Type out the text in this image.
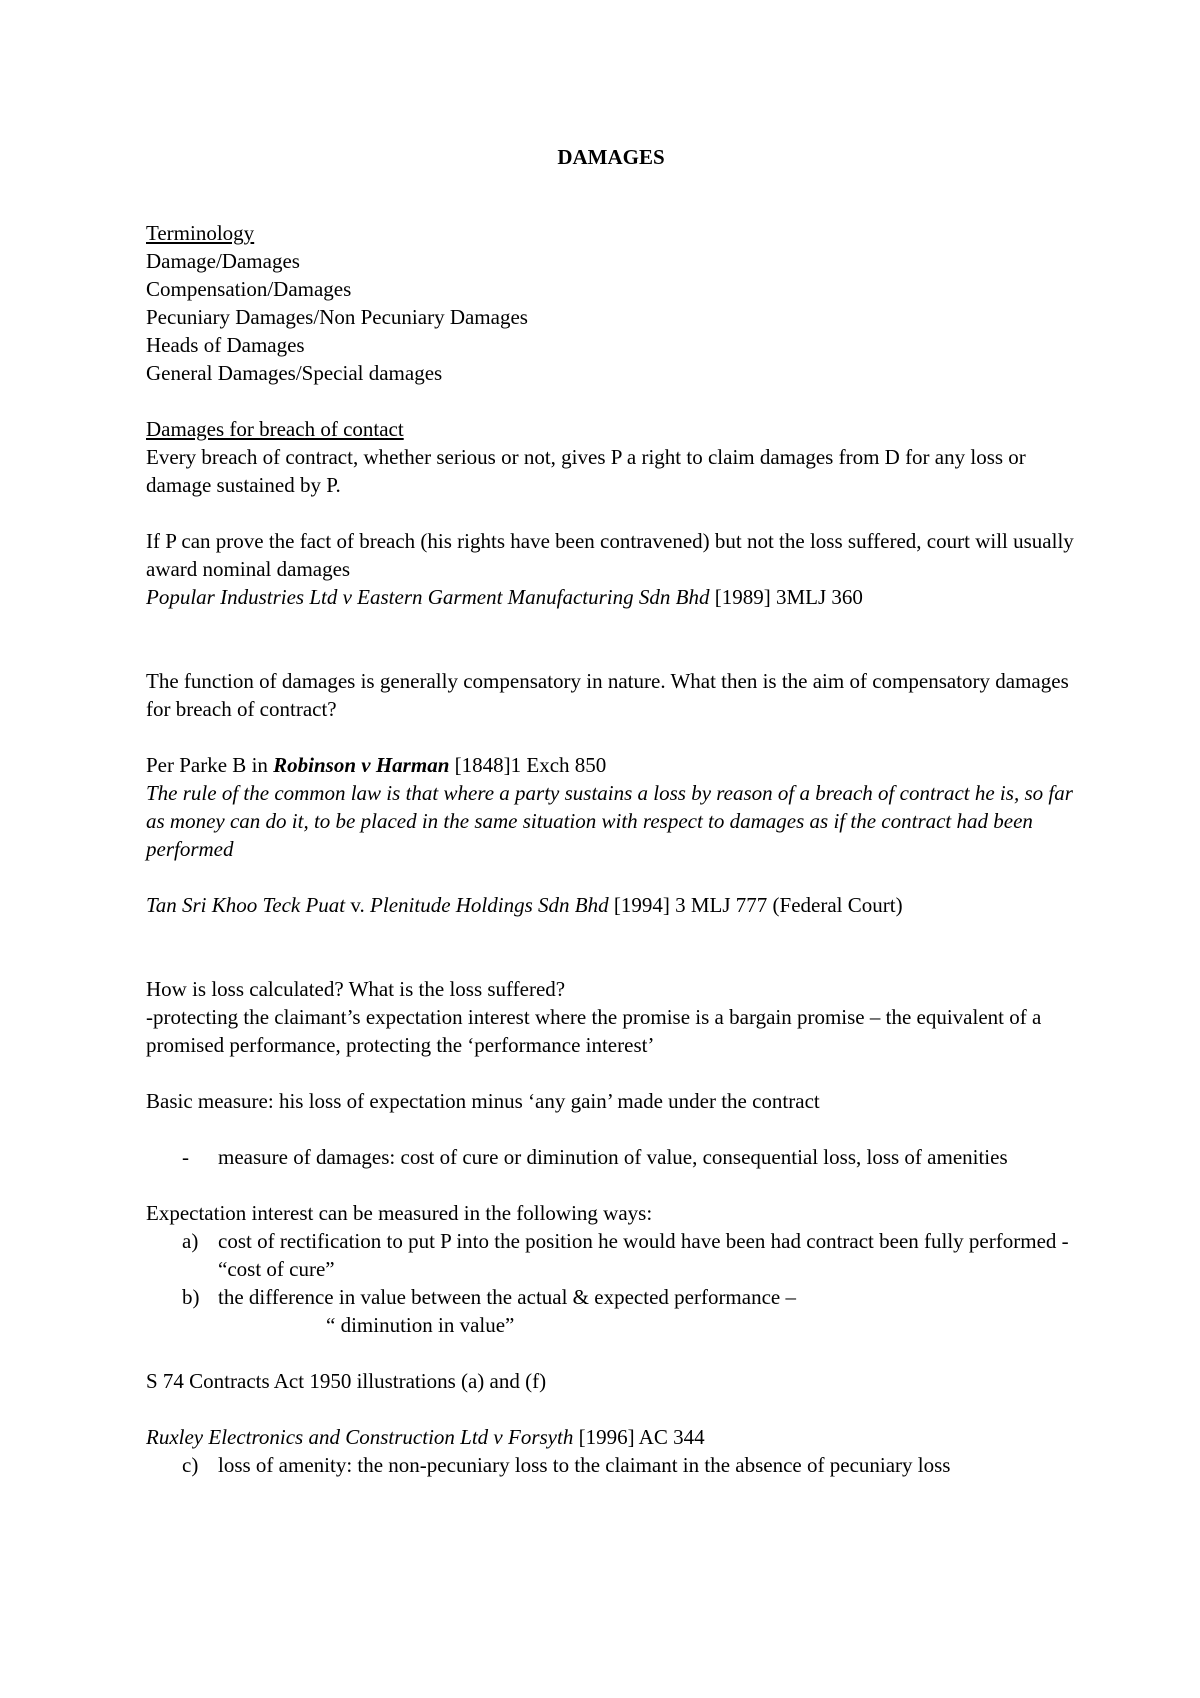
DAMAGES
Terminology
Damage/Damages
Compensation/Damages
Pecuniary Damages/Non Pecuniary Damages
Heads of Damages
General Damages/Special damages
Damages for breach of contact

Every breach of contract, whether serious or not, gives P a right to claim damages from D for any loss or damage sustained by P.

If P can prove the fact of breach (his rights have been contravened) but not the loss suffered, court will usually award nominal damages

Popular Industries Ltd v Eastern Garment Manufacturing Sdn Bhd [1989] 3MLJ 360

The function of damages is generally compensatory in nature. What then is the aim of compensatory damages for breach of contract?

Per Parke B in Robinson v Harman [1848]1 Exch 850

The rule of the common law is that where a party sustains a loss by reason of a breach of contract he is, so far as money can do it, to be placed in the same situation with respect to damages as if the contract had been performed

Tan Sri Khoo Teck Puat v. Plenitude Holdings Sdn Bhd [1994] 3 MLJ 777 (Federal Court)

How is loss calculated? What is the loss suffered?

-protecting the claimant’s expectation interest where the promise is a bargain promise – the equivalent of a promised performance, protecting the ‘performance interest’

Basic measure: his loss of expectation minus ‘any gain’ made under the contract

- measure of damages: cost of cure or diminution of value, consequential loss, loss of amenities

Expectation interest can be measured in the following ways:

a) cost of rectification to put P into the position he would have been had contract been fully performed - “cost of cure”
b) the difference in value between the actual & expected performance –
“ diminution in value”

S 74 Contracts Act 1950 illustrations (a) and (f)

Ruxley Electronics and Construction Ltd v Forsyth [1996] AC 344

c) loss of amenity: the non-pecuniary loss to the claimant in the absence of pecuniary loss
